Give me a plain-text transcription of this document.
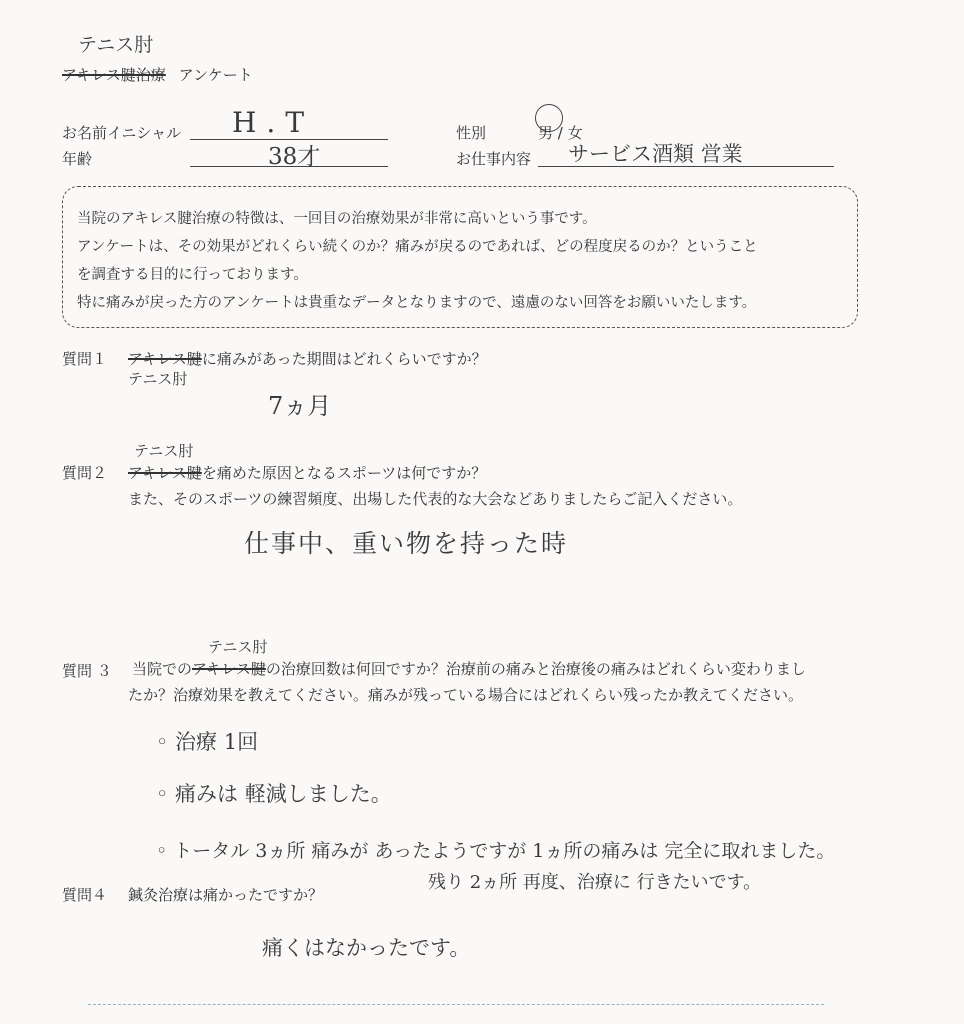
テニス肘
アキレス腱治療 アンケート
お名前イニシャル H.T
年齢	38才
性別	男 / 女
お仕事内容 サービス酒類 営業
当院のアキレス腱治療の特徴は、一回目の治療効果が非常に高いという事です。
アンケートは、その効果がどれくらい続くのか？痛みが戻るのであれば、どの程度戻るのか？ということ
を調査する目的に行っております。
特に痛みが戻った方のアンケートは貴重なデータとなりますので、遠慮のない回答をお願いいたします。
質問１ アキレス腱に痛みがあった期間はどれくらいですか？
テニス肘
7ヵ月
テニス肘
質問２ アキレス腱を痛めた原因となるスポーツは何ですか？
また、そのスポーツの練習頻度、出場した代表的な大会などありましたらご記入ください。
仕事中、重い物を持った時
テニス肘
質問 ３ 当院でのアキレス腱の治療回数は何回ですか？治療前の痛みと治療後の痛みはどれくらい変わりまし
たか？治療効果を教えてください。痛みが残っている場合にはどれくらい残ったか教えてください。
◦ 治療 1回
◦ 痛みは 軽減しました。
◦ トータル 3ヵ所 痛みが あったようですが 1ヵ所の痛みは 完全に取れました。
残り 2ヵ所 再度、治療に 行きたいです。
質問４ 鍼灸治療は痛かったですか？
痛くはなかったです。
